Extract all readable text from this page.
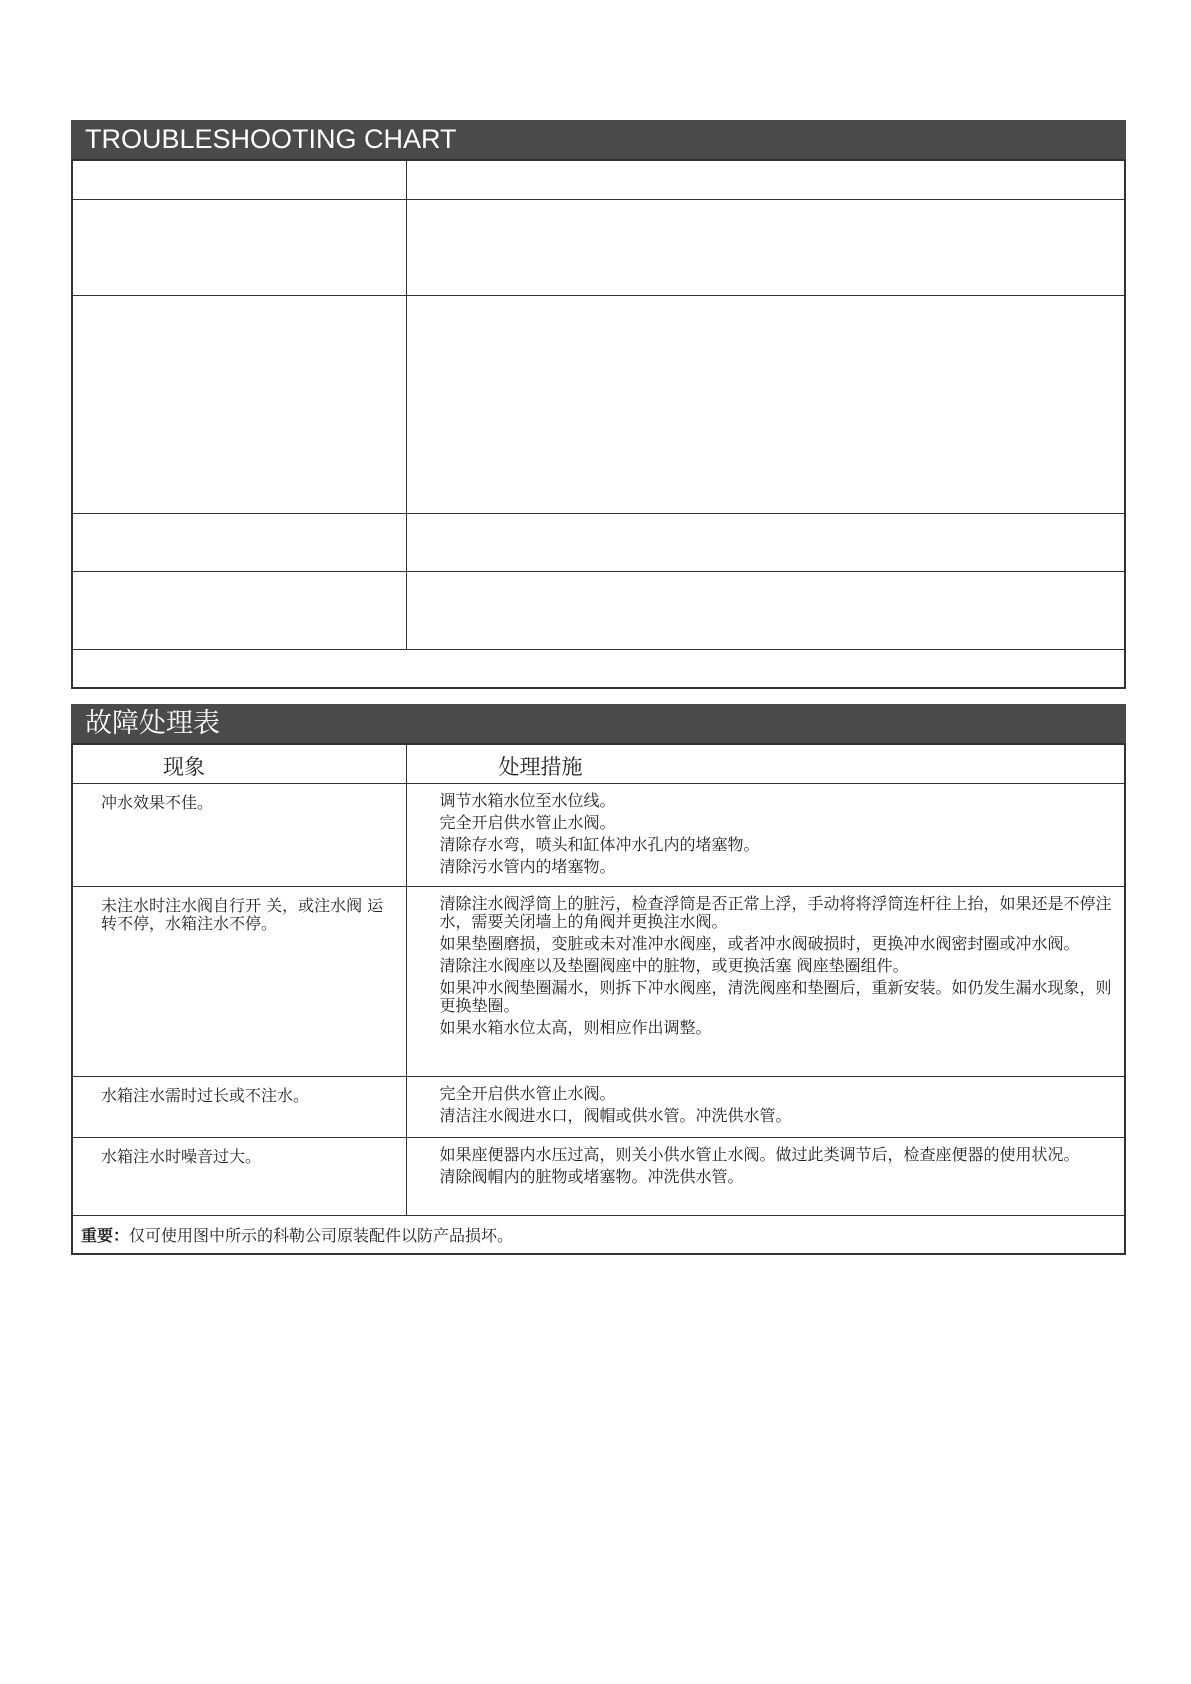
TROUBLESHOOTING CHART

故障处理表
现象	处理措施
冲水效果不佳。	调节水箱水位至水位线。
完全开启供水管止水阀。
清除存水弯，喷头和缸体冲水孔内的堵塞物。
清除污水管内的堵塞物。

未注水时注水阀自行开 关，或注水阀 运转不停，水箱注水不停。	清除注水阀浮筒上的脏污，检查浮筒是否正常上浮，手动将将浮筒连杆往上抬，如果还是不停注水，需要关闭墙上的角阀并更换注水阀。
如果垫圈磨损，变脏或未对准冲水阀座，或者冲水阀破损时，更换冲水阀密封圈或冲水阀。
清除注水阀座以及垫圈阀座中的脏物，或更换活塞 阀座垫圈组件。
如果冲水阀垫圈漏水，则拆下冲水阀座，清洗阀座和垫圈后，重新安装。如仍发生漏水现象，则更换垫圈。
如果水箱水位太高，则相应作出调整。

水箱注水需时过长或不注水。	完全开启供水管止水阀。
清洁注水阀进水口，阀帽或供水管。冲洗供水管。

水箱注水时噪音过大。	如果座便器内水压过高，则关小供水管止水阀。做过此类调节后，检查座便器的使用状况。
清除阀帽内的脏物或堵塞物。冲洗供水管。

重要：仅可使用图中所示的科勒公司原装配件以防产品损坏。	
